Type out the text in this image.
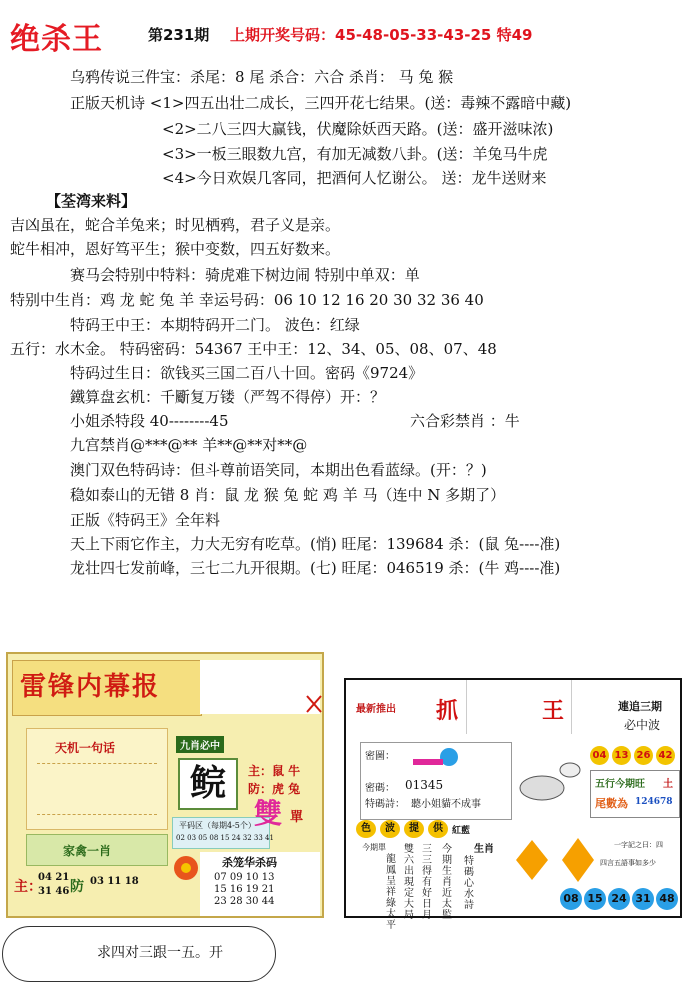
绝杀王	第231期 上期开奖号码：45-48-05-33-43-25 特49
乌鸦传说三件宝：杀尾：8 尾 杀合：六合 杀肖： 马 兔 猴
正版天机诗 <1>四五出壮二成长，三四开花七结果。(送：毒辣不露暗中藏)
<2>二八三四大赢钱，伏魔除妖西天路。(送：盛开滋味浓)
<3>一板三眼数九宫，有加无减数八卦。(送：羊兔马牛虎
<4>今日欢娱几客同，把酒何人忆谢公。 送：龙牛送财来
【荃湾来料】
吉凶虽在，蛇合羊兔来；时见栖鸦，君子义是亲。
蛇牛相冲，恩好笃平生；猴中变数，四五好数来。
赛马会特别中特料：骑虎难下树边闹 特别中单双：单
特别中生肖：鸡 龙 蛇 兔 羊 幸运号码：06 10 12 16 20 30 32 36 40
特码王中王：本期特码开二门。 波色：红绿
五行：水木金。 特码密码：54367 王中王：12、34、05、08、07、48
特码过生日：欲钱买三国二百八十回。密码《9724》
鐵算盘玄机：千斸复万镂（严驾不得停）开：？
小姐杀特段 40--------45	六合彩禁肖 ：牛
九宫禁肖@***@** 羊**@**对**@
澳门双色特码诗：但斗尊前语笑同，本期出色看蓝绿。(开：？)
稳如泰山的无错 8 肖：鼠 龙 猴 兔 蛇 鸡 羊 马（连中 N 多期了）
正版《特码王》全年料
天上下雨它作主，力大无穷有吃草。(悄) 旺尾：139684 杀：(鼠 兔----准)
龙壮四七发前峰，三七二九开很期。(七) 旺尾：046519 杀：(牛 鸡----准)
雷锋内幕报
天机一句话
家禽一肖
主：
04 21
31 46 防 03 11 18
九肖必中
鲩	主：鼠 牛
防：虎 兔
平码区（每期4-5个）
02 03 05 08 15 24 32 33 41
雙 單
杀笼华杀码
07 09 10 13
15 16 19 21
23 28 30 44
最新推出 抓	王	連追三期
必中波
密圖：
密碼： 01345
特碼詩： 聽小姐貓不成事
04 13 26 42
五行今期旺 土
尾數為 124678
色	波	提	供	紅藍
生肖
今期單
龍鳳呈祥綠太平
雙六出現定大局
三三得有好日月
今期生肖近太監
特碼心水詩
一字記之曰：四
四言五語事如多少
08 15 24 31 48
求四对三跟一五。开
